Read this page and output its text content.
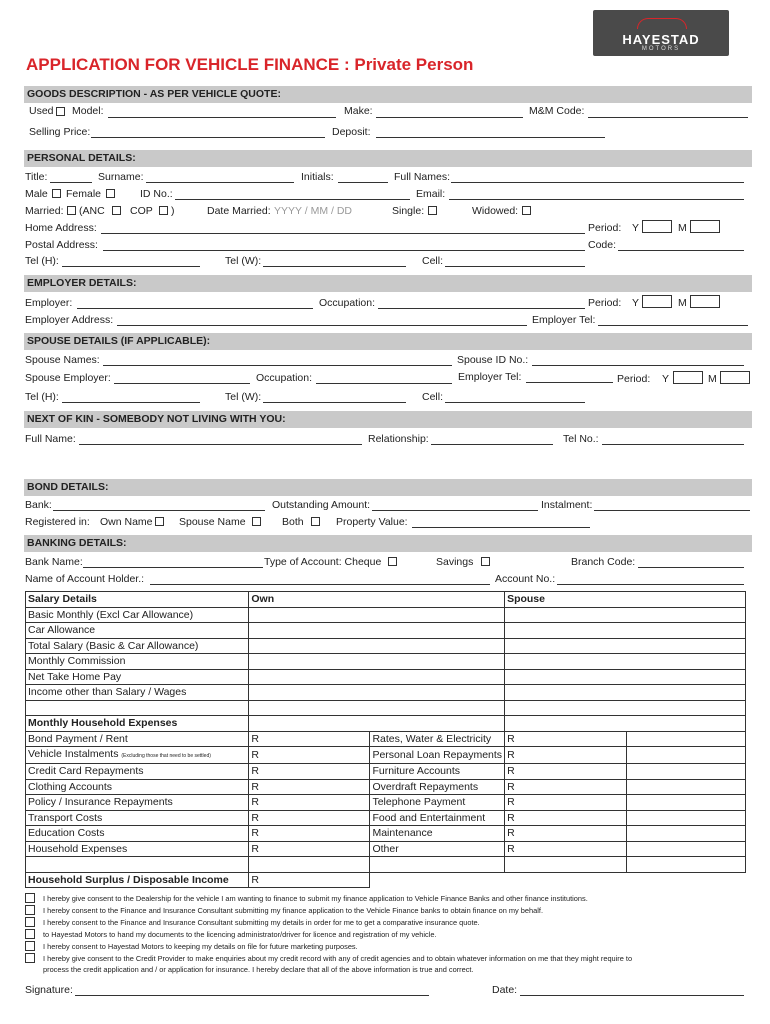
HAYESTAD
MOTORS
APPLICATION FOR VEHICLE FINANCE : Private Person
GOODS DESCRIPTION - AS PER VEHICLE QUOTE:
Used Model:	Make:	M&M Code:
Selling Price:	Deposit:
PERSONAL DETAILS:
Title:	Surname:	Initials:	Full Names:
Male Female	ID No.:	Email:
Married: (ANC COP )	Date Married: YYYY / MM / DD	Single:	Widowed:
Home Address:	Period: Y	M
Postal Address:	Code:
Tel (H):	Tel (W):	Cell:
EMPLOYER DETAILS:
Employer:	Occupation:	Period: Y	M
Employer Address:	Employer Tel:
SPOUSE DETAILS (IF APPLICABLE):
Spouse Names:	Spouse ID No.:
Spouse Employer:	Occupation:	Employer Tel:	Period: Y	M
Tel (H):	Tel (W):	Cell:
NEXT OF KIN - SOMEBODY NOT LIVING WITH YOU:
Full Name:	Relationship:	Tel No.:
BOND DETAILS:
Bank:	Outstanding Amount:	Instalment:
Registered in: Own Name	Spouse Name	Both	Property Value:
BANKING DETAILS:
Bank Name:	Type of Account: Cheque	Savings	Branch Code:
Name of Account Holder.:	Account No.:
Salary Details	Own		Spouse	
Basic Monthly (Excl Car Allowance)				
Car Allowance				
Total Salary (Basic & Car Allowance)				
Monthly Commission				
Net Take Home Pay				
Income other than Salary / Wages				

Monthly Household Expenses				
Bond Payment / Rent	R	Rates, Water & Electricity	R	
Vehicle Instalments (Excluding those that need to be settled)	R	Personal Loan Repayments	R	
Credit Card Repayments	R	Furniture Accounts	R	
Clothing Accounts	R	Overdraft Repayments	R	
Policy / Insurance Repayments	R	Telephone Payment	R	
Transport Costs	R	Food and Entertainment	R	
Education Costs	R	Maintenance	R	
Household Expenses	R	Other	R	

Household Surplus / Disposable Income	R			
I hereby give consent to the Dealership for the vehicle I am wanting to finance to submit my finance application to Vehicle Finance Banks and other finance institutions.
I hereby consent to the Finance and Insurance Consultant submitting my finance application to the Vehicle Finance banks to obtain finance on my behalf.
I hereby consent to the Finance and Insurance Consultant submitting my details in order for me to get a comparative insurance quote.
to Hayestad Motors to hand my documents to the licencing administrator/driver for licence and registration of my vehicle.
I hereby consent to Hayestad Motors to keeping my details on file for future marketing purposes.
I hereby give consent to the Credit Provider to make enquiries about my credit record with any of credit agencies and to obtain whatever information on me that they might require to
process the credit application and / or application for insurance. I hereby declare that all of the above information is true and correct.
Signature:	Date:
